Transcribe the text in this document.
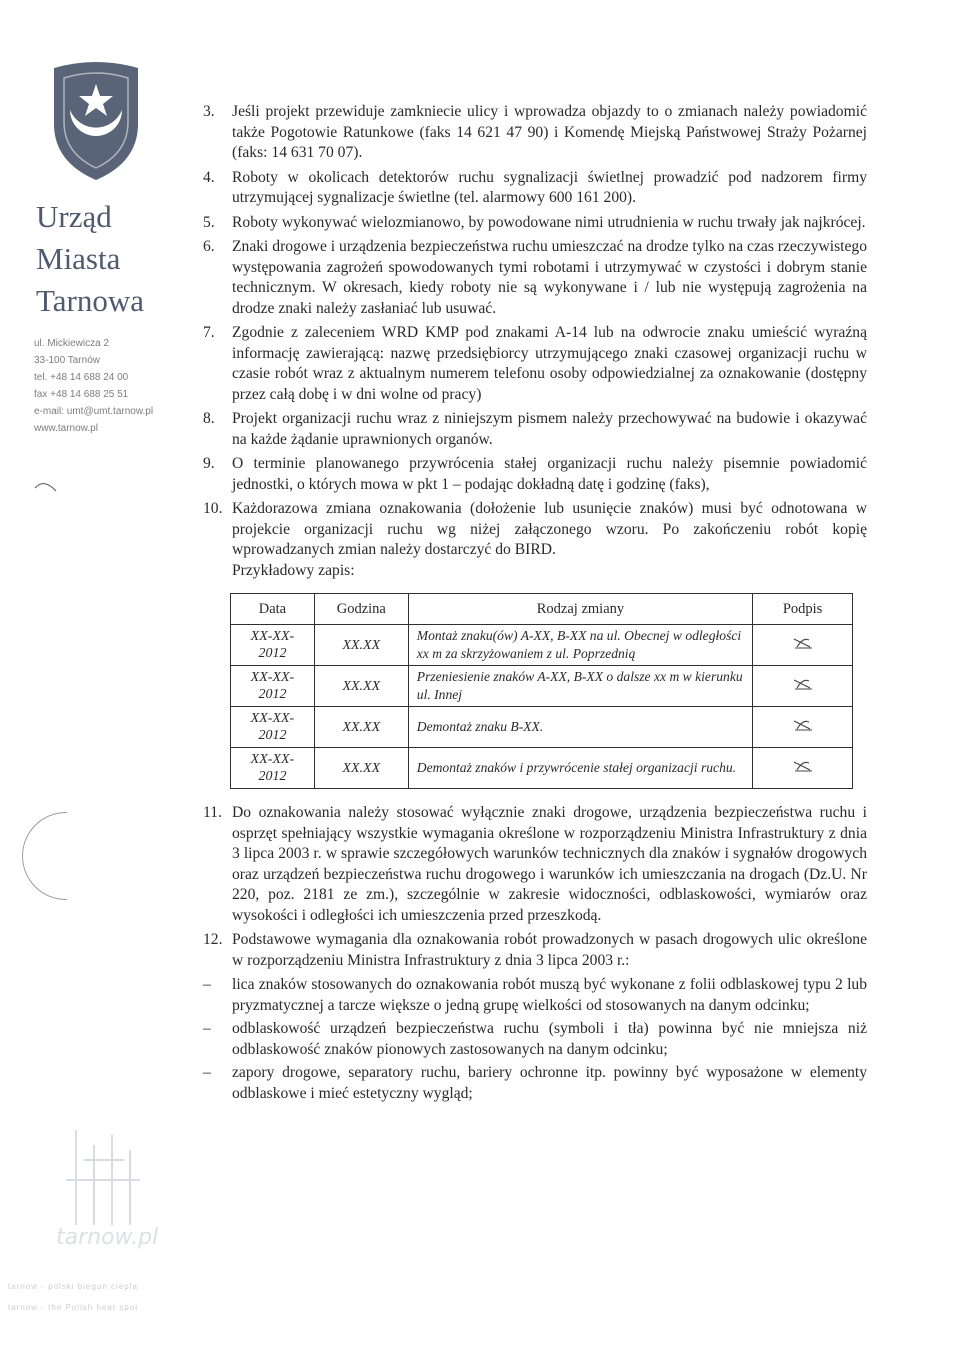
Urząd
Miasta
Tarnowa
ul. Mickiewicza 2
33-100 Tarnów
tel. +48 14 688 24 00
fax +48 14 688 25 51
e-mail: umt@umt.tarnow.pl
www.tarnow.pl
tarnow.pl
tarnow - polski biegun ciepla
tarnow - the Polish heat spot
3. Jeśli projekt przewiduje zamkniecie ulicy i wprowadza objazdy to o zmianach należy powiadomić także Pogotowie Ratunkowe (faks 14 621 47 90) i Komendę Miejską Państwowej Straży Pożarnej (faks: 14 631 70 07).
4. Roboty w okolicach detektorów ruchu sygnalizacji świetlnej prowadzić pod nadzorem firmy utrzymującej sygnalizacje świetlne (tel. alarmowy 600 161 200).
5. Roboty wykonywać wielozmianowo, by powodowane nimi utrudnienia w ruchu trwały jak najkrócej.
6. Znaki drogowe i urządzenia bezpieczeństwa ruchu umieszczać na drodze tylko na czas rzeczywistego występowania zagrożeń spowodowanych tymi robotami i utrzymywać w czystości i dobrym stanie technicznym. W okresach, kiedy roboty nie są wykonywane i / lub nie występują zagrożenia na drodze znaki należy zasłaniać lub usuwać.
7. Zgodnie z zaleceniem WRD KMP pod znakami A-14 lub na odwrocie znaku umieścić wyraźną informację zawierającą: nazwę przedsiębiorcy utrzymującego znaki czasowej organizacji ruchu w czasie robót wraz z aktualnym numerem telefonu osoby odpowiedzialnej za oznakowanie (dostępny przez całą dobę i w dni wolne od pracy)
8. Projekt organizacji ruchu wraz z niniejszym pismem należy przechowywać na budowie i okazywać na każde żądanie uprawnionych organów.
9. O terminie planowanego przywrócenia stałej organizacji ruchu należy pisemnie powiadomić jednostki, o których mowa w pkt 1 – podając dokładną datę i godzinę (faks),
10. Każdorazowa zmiana oznakowania (dołożenie lub usunięcie znaków) musi być odnotowana w projekcie organizacji ruchu wg niżej załączonego wzoru. Po zakończeniu robót kopię wprowadzanych zmian należy dostarczyć do BIRD.
Przykładowy zapis:
Data	Godzina	Rodzaj zmiany	Podpis
XX-XX-
2012	XX.XX	Montaż znaku(ów) A-XX, B-XX na ul. Obecnej w odległości xx m za skrzyżowaniem z ul. Poprzednią	
XX-XX-
2012	XX.XX	Przeniesienie znaków A-XX, B-XX o dalsze xx m w kierunku ul. Innej	
XX-XX-
2012	XX.XX	Demontaż znaku B-XX.	
XX-XX-
2012	XX.XX	Demontaż znaków i przywrócenie stałej organizacji ruchu.	
11. Do oznakowania należy stosować wyłącznie znaki drogowe, urządzenia bezpieczeństwa ruchu i osprzęt spełniający wszystkie wymagania określone w rozporządzeniu Ministra Infrastruktury z dnia 3 lipca 2003 r. w sprawie szczegółowych warunków technicznych dla znaków i sygnałów drogowych oraz urządzeń bezpieczeństwa ruchu drogowego i warunków ich umieszczania na drogach (Dz.U. Nr 220, poz. 2181 ze zm.), szczególnie w zakresie widoczności, odblaskowości, wymiarów oraz wysokości i odległości ich umieszczenia przed przeszkodą.
12. Podstawowe wymagania dla oznakowania robót prowadzonych w pasach drogowych ulic określone w rozporządzeniu Ministra Infrastruktury z dnia 3 lipca 2003 r.:
– lica znaków stosowanych do oznakowania robót muszą być wykonane z folii odblaskowej typu 2 lub pryzmatycznej a tarcze większe o jedną grupę wielkości od stosowanych na danym odcinku;
– odblaskowość urządzeń bezpieczeństwa ruchu (symboli i tła) powinna być nie mniejsza niż odblaskowość znaków pionowych zastosowanych na danym odcinku;
– zapory drogowe, separatory ruchu, bariery ochronne itp. powinny być wyposażone w elementy odblaskowe i mieć estetyczny wygląd;
